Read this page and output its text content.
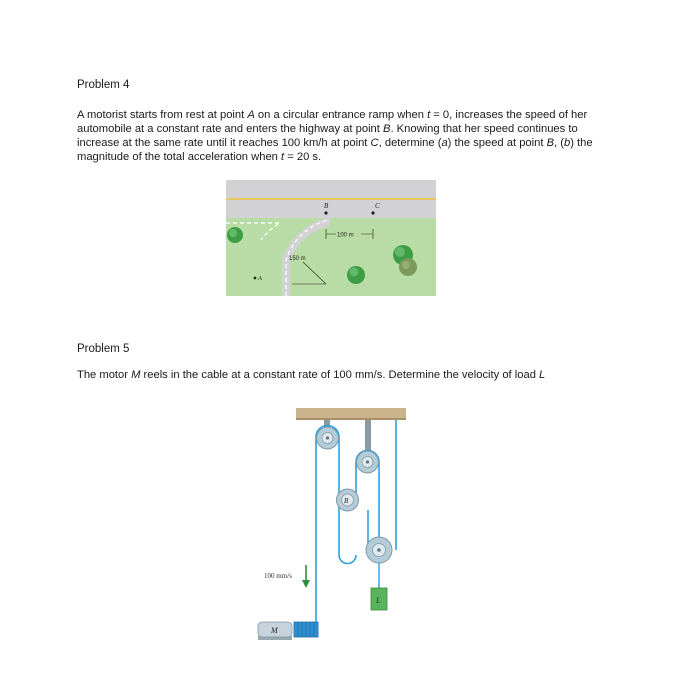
Problem 4
A motorist starts from rest at point A on a circular entrance ramp when t = 0, increases the speed of her automobile at a constant rate and enters the highway at point B. Knowing that her speed continues to increase at the same rate until it reaches 100 km/h at point C, determine (a) the speed at point B, (b) the magnitude of the total acceleration when t = 20 s.
B	C
100 m
150 m
A
Problem 5
The motor M reels in the cable at a constant rate of 100 mm/s. Determine the velocity of load L
B
L
100 mm/s
M
